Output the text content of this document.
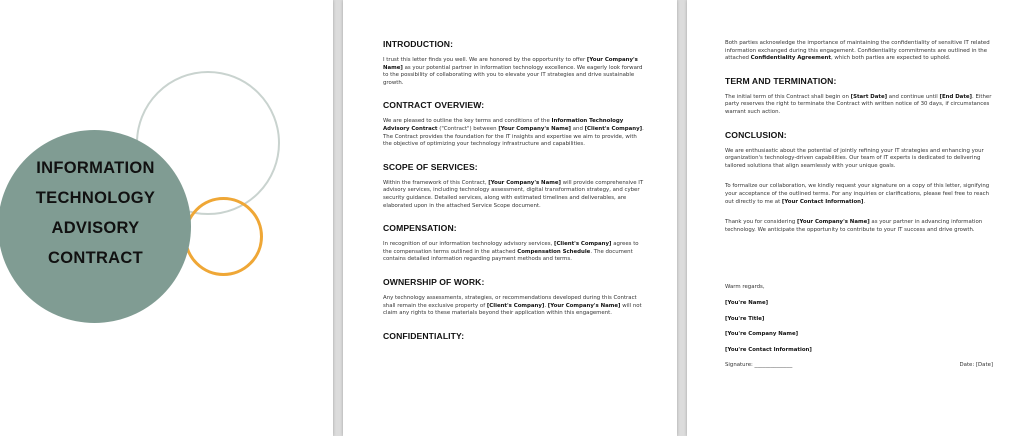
INFORMATION
TECHNOLOGY
ADVISORY
CONTRACT
INTRODUCTION:

I trust this letter finds you well. We are honored by the opportunity to offer [Your Company's Name] as your potential partner in information technology excellence. We eagerly look forward to the possibility of collaborating with you to elevate your IT strategies and drive sustainable growth.

CONTRACT OVERVIEW:

We are pleased to outline the key terms and conditions of the Information Technology Advisory Contract ("Contract") between [Your Company's Name] and [Client's Company]. The Contract provides the foundation for the IT insights and expertise we aim to provide, with the objective of optimizing your technology infrastructure and capabilities.

SCOPE OF SERVICES:

Within the framework of this Contract, [Your Company's Name] will provide comprehensive IT advisory services, including technology assessment, digital transformation strategy, and cyber security guidance. Detailed services, along with estimated timelines and deliverables, are elaborated upon in the attached Service Scope document.

COMPENSATION:

In recognition of our information technology advisory services, [Client's Company] agrees to the compensation terms outlined in the attached Compensation Schedule. The document contains detailed information regarding payment methods and terms.

OWNERSHIP OF WORK:

Any technology assessments, strategies, or recommendations developed during this Contract shall remain the exclusive property of [Client's Company]. [Your Company's Name] will not claim any rights to these materials beyond their application within this engagement.

CONFIDENTIALITY:

Both parties acknowledge the importance of maintaining the confidentiality of sensitive IT related information exchanged during this engagement. Confidentiality commitments are outlined in the attached Confidentiality Agreement, which both parties are expected to uphold.

TERM AND TERMINATION:

The initial term of this Contract shall begin on [Start Date] and continue until [End Date]. Either party reserves the right to terminate the Contract with written notice of 30 days, if circumstances warrant such action.

CONCLUSION:

We are enthusiastic about the potential of jointly refining your IT strategies and enhancing your organization's technology-driven capabilities. Our team of IT experts is dedicated to delivering tailored solutions that align seamlessly with your unique goals.

To formalize our collaboration, we kindly request your signature on a copy of this letter, signifying your acceptance of the outlined terms. For any inquiries or clarifications, please feel free to reach out directly to me at [Your Contact Information].

Thank you for considering [Your Company's Name] as your partner in advancing information technology. We anticipate the opportunity to contribute to your IT success and drive growth.

Warm regards,

[You're Name]

[You're Title]

[You're Company Name]

[You're Contact Information]

Signature: ______________	Date: [Date]
